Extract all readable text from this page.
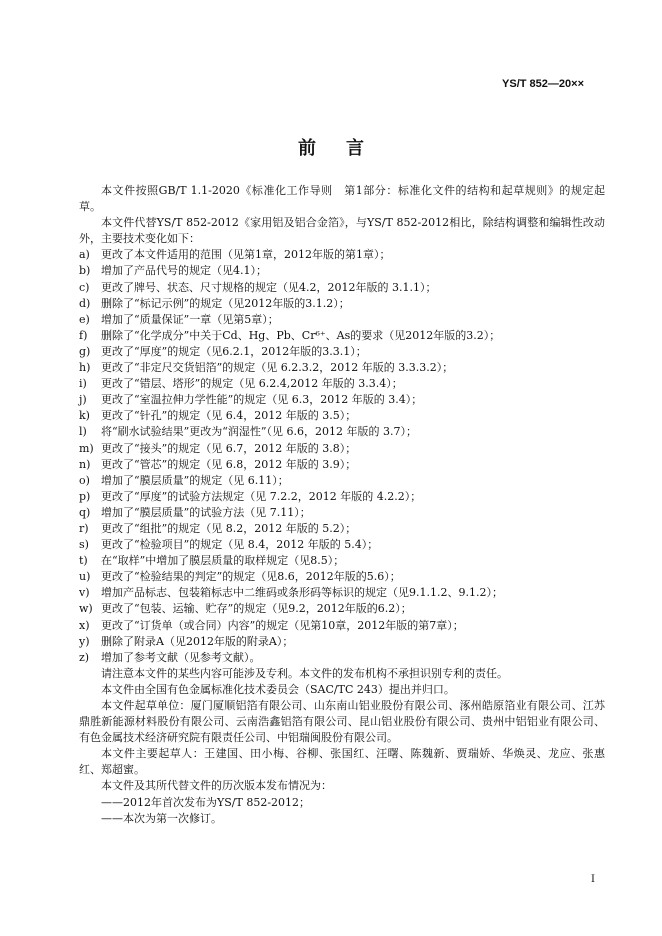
YS/T 852—20××
前言

本文件按照GB/T 1.1-2020《标准化工作导则　第1部分：标准化文件的结构和起草规则》的规定起草。

本文件代替YS/T 852-2012《家用铝及铝合金箔》，与YS/T 852-2012相比，除结构调整和编辑性改动外，主要技术变化如下：

a)	更改了本文件适用的范围（见第1章，2012年版的第1章）；

b) 增加了产品代号的规定（见4.1）；

c)	更改了牌号、状态、尺寸规格的规定（见4.2，2012年版的 3.1.1）；

d) 删除了“标记示例”的规定（见2012年版的3.1.2）；

e)	增加了“质量保证”一章（见第5章）；

f)	删除了“化学成分”中关于Cd、Hg、Pb、Cr⁶⁺、As的要求（见2012年版的3.2）；

g) 更改了“厚度”的规定（见6.2.1，2012年版的3.3.1）；

h) 更改了“非定尺交货铝箔”的规定（见 6.2.3.2，2012 年版的 3.3.3.2）；

i)	更改了“错层、塔形”的规定（见 6.2.4,2012 年版的 3.3.4）；

j)	更改了“室温拉伸力学性能”的规定（见 6.3，2012 年版的 3.4）；

k)	更改了“针孔”的规定（见 6.4，2012 年版的 3.5）；

l)	将“刷水试验结果”更改为“润湿性”（见 6.6，2012 年版的 3.7）；

m) 更改了“接头”的规定（见 6.7，2012 年版的 3.8）；

n) 更改了“管芯”的规定（见 6.8，2012 年版的 3.9）；

o)	增加了“膜层质量”的规定（见 6.11）；

p) 更改了“厚度”的试验方法规定（见 7.2.2，2012 年版的 4.2.2）；

q) 增加了“膜层质量”的试验方法（见 7.11）；

r)	更改了“组批”的规定（见 8.2，2012 年版的 5.2）；

s)	更改了“检验项目”的规定（见 8.4，2012 年版的 5.4）；

t)	在“取样”中增加了膜层质量的取样规定（见8.5）；

u) 更改了“检验结果的判定”的规定（见8.6，2012年版的5.6）；

v)	增加产品标志、包装箱标志中二维码或条形码等标识的规定（见9.1.1.2、9.1.2）；

w) 更改了“包装、运输、贮存”的规定（见9.2，2012年版的6.2）；

x)	更改了“订货单（或合同）内容”的规定（见第10章，2012年版的第7章）；

y)	删除了附录A（见2012年版的附录A）；

z)	增加了参考文献（见参考文献）。

请注意本文件的某些内容可能涉及专利。本文件的发布机构不承担识别专利的责任。

本文件由全国有色金属标准化技术委员会（SAC/TC 243）提出并归口。

本文件起草单位：厦门厦顺铝箔有限公司、山东南山铝业股份有限公司、涿州皓原箔业有限公司、江苏鼎胜新能源材料股份有限公司、云南浩鑫铝箔有限公司、昆山铝业股份有限公司、贵州中铝铝业有限公司、有色金属技术经济研究院有限责任公司、中铝瑞闽股份有限公司。

本文件主要起草人：王建国、田小梅、谷柳、张国红、汪曙、陈魏新、贾瑞娇、华焕灵、龙应、张惠红、郑超蜜。

本文件及其所代替文件的历次版本发布情况为：

——2012年首次发布为YS/T 852-2012；

——本次为第一次修订。

I
